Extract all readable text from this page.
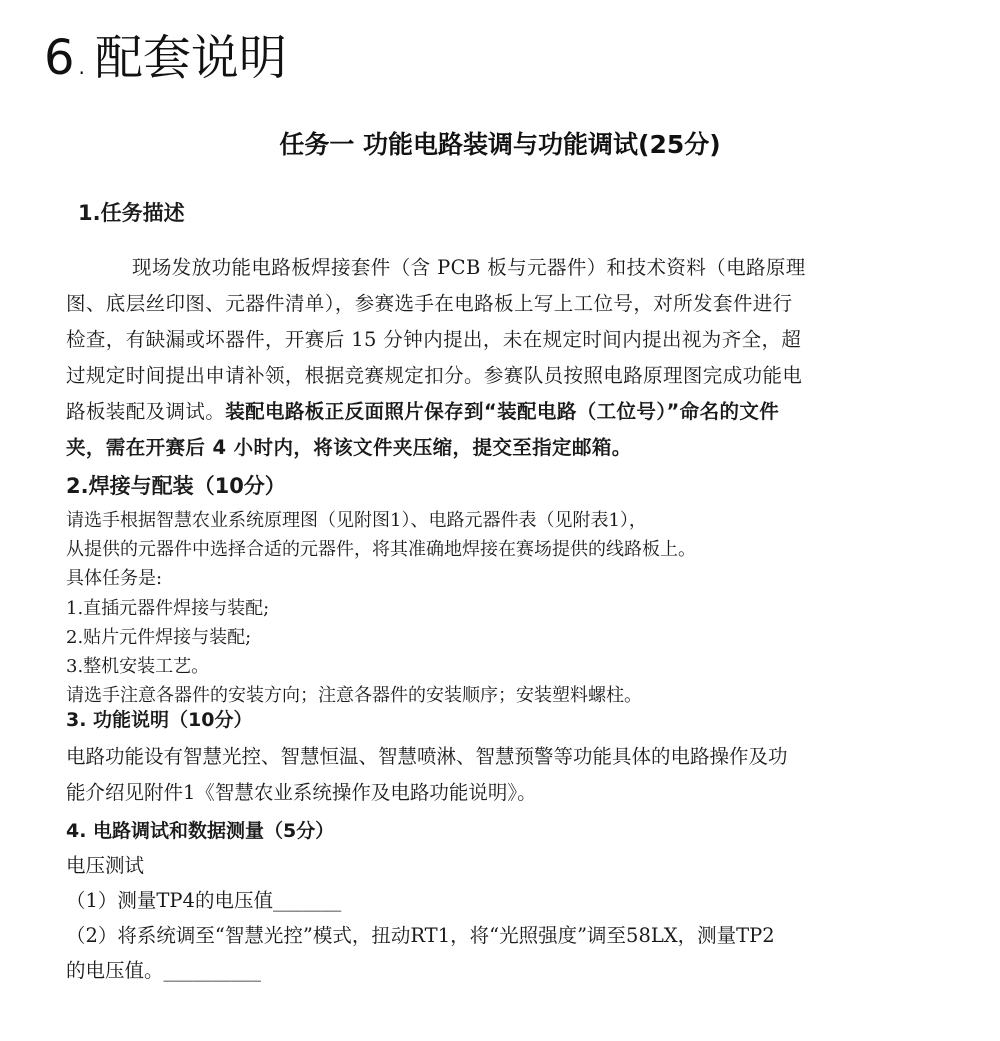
6 . 配套说明
任务一 功能电路装调与功能调试(25分)
1.任务描述
现场发放功能电路板焊接套件（含 PCB 板与元器件）和技术资料（电路原理
图、底层丝印图、元器件清单），参赛选手在电路板上写上工位号，对所发套件进行
检查，有缺漏或坏器件，开赛后 15 分钟内提出，未在规定时间内提出视为齐全，超
过规定时间提出申请补领，根据竞赛规定扣分。参赛队员按照电路原理图完成功能电
路板装配及调试。装配电路板正反面照片保存到“装配电路（工位号）”命名的文件
夹，需在开赛后 4 小时内，将该文件夹压缩，提交至指定邮箱。
2.焊接与配装（10分）
请选手根据智慧农业系统原理图（见附图1）、电路元器件表（见附表1），
从提供的元器件中选择合适的元器件，将其准确地焊接在赛场提供的线路板上。
具体任务是:
1.直插元器件焊接与装配;
2.贴片元件焊接与装配;
3.整机安装工艺。
请选手注意各器件的安装方向；注意各器件的安装顺序；安装塑料螺柱。
3. 功能说明（10分）
电路功能设有智慧光控、智慧恒温、智慧喷淋、智慧预警等功能具体的电路操作及功
能介绍见附件1《智慧农业系统操作及电路功能说明》。
4. 电路调试和数据测量（5分）
电压测试
（1）测量TP4的电压值_______
（2）将系统调至“智慧光控”模式，扭动RT1，将“光照强度”调至58LX，测量TP2
的电压值。__________
